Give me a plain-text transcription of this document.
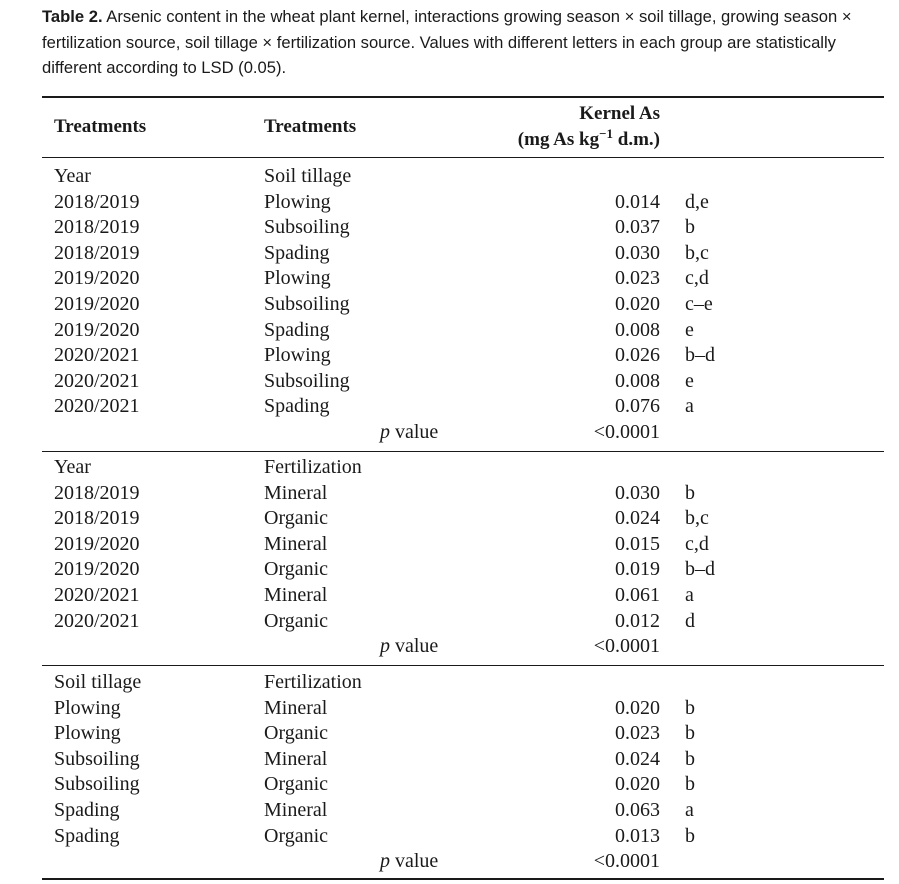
Table 2. Arsenic content in the wheat plant kernel, interactions growing season × soil tillage, growing season × fertilization source, soil tillage × fertilization source. Values with different letters in each group are statistically different according to LSD (0.05).
Treatments	Treatments
Kernel As
(mg As $kg^{-1}$ d.m.)
Year	Soil tillage
2018/2019	Plowing	0.014 d,e
2018/2019	Subsoiling	0.037 b
2018/2019	Spading	0.030 b,c
2019/2020	Plowing	0.023 c,d
2019/2020	Subsoiling	0.020 c–e
2019/2020	Spading	0.008 e
2020/2021	Plowing	0.026 b–d
2020/2021	Subsoiling	0.008 e
2020/2021	Spading	0.076 a
p value	<0.0001
Year	Fertilization
2018/2019	Mineral	0.030 b
2018/2019	Organic	0.024 b,c
2019/2020	Mineral	0.015 c,d
2019/2020	Organic	0.019 b–d
2020/2021	Mineral	0.061 a
2020/2021	Organic	0.012 d
p value	<0.0001
Soil tillage	Fertilization
Plowing	Mineral	0.020 b
Plowing	Organic	0.023 b
Subsoiling	Mineral	0.024 b
Subsoiling	Organic	0.020 b
Spading	Mineral	0.063 a
Spading	Organic	0.013 b
p value	<0.0001
